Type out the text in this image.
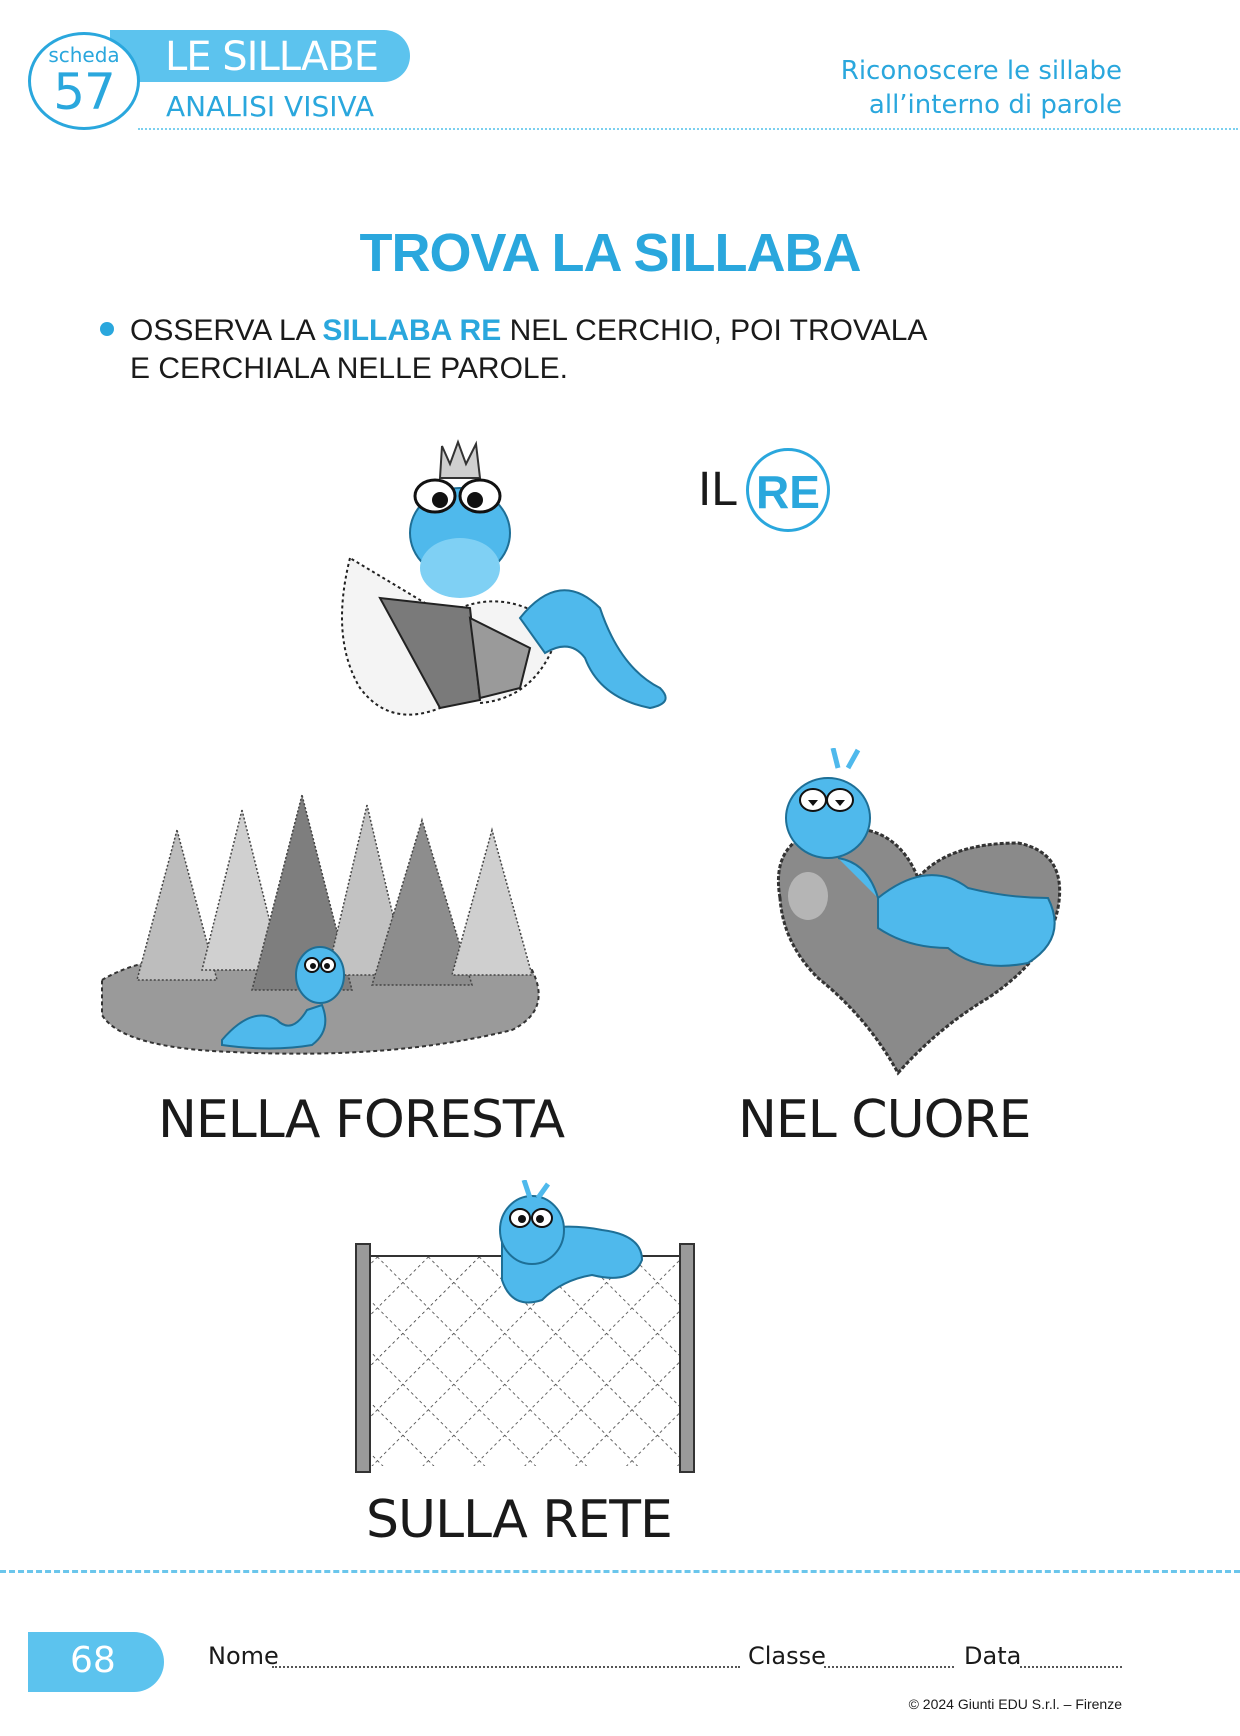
scheda
57
LE SILLABE
ANALISI VISIVA
Riconoscere le sillabe
all’interno di parole
TROVA LA SILLABA
OSSERVA LA SILLABA RE NEL CERCHIO, POI TROVALA
E CERCHIALA NELLE PAROLE.
IL RE
NELLA FORESTA	NEL CUORE
SULLA RETE
68	Nome	Classe	Data
© 2024 Giunti EDU S.r.l. – Firenze
